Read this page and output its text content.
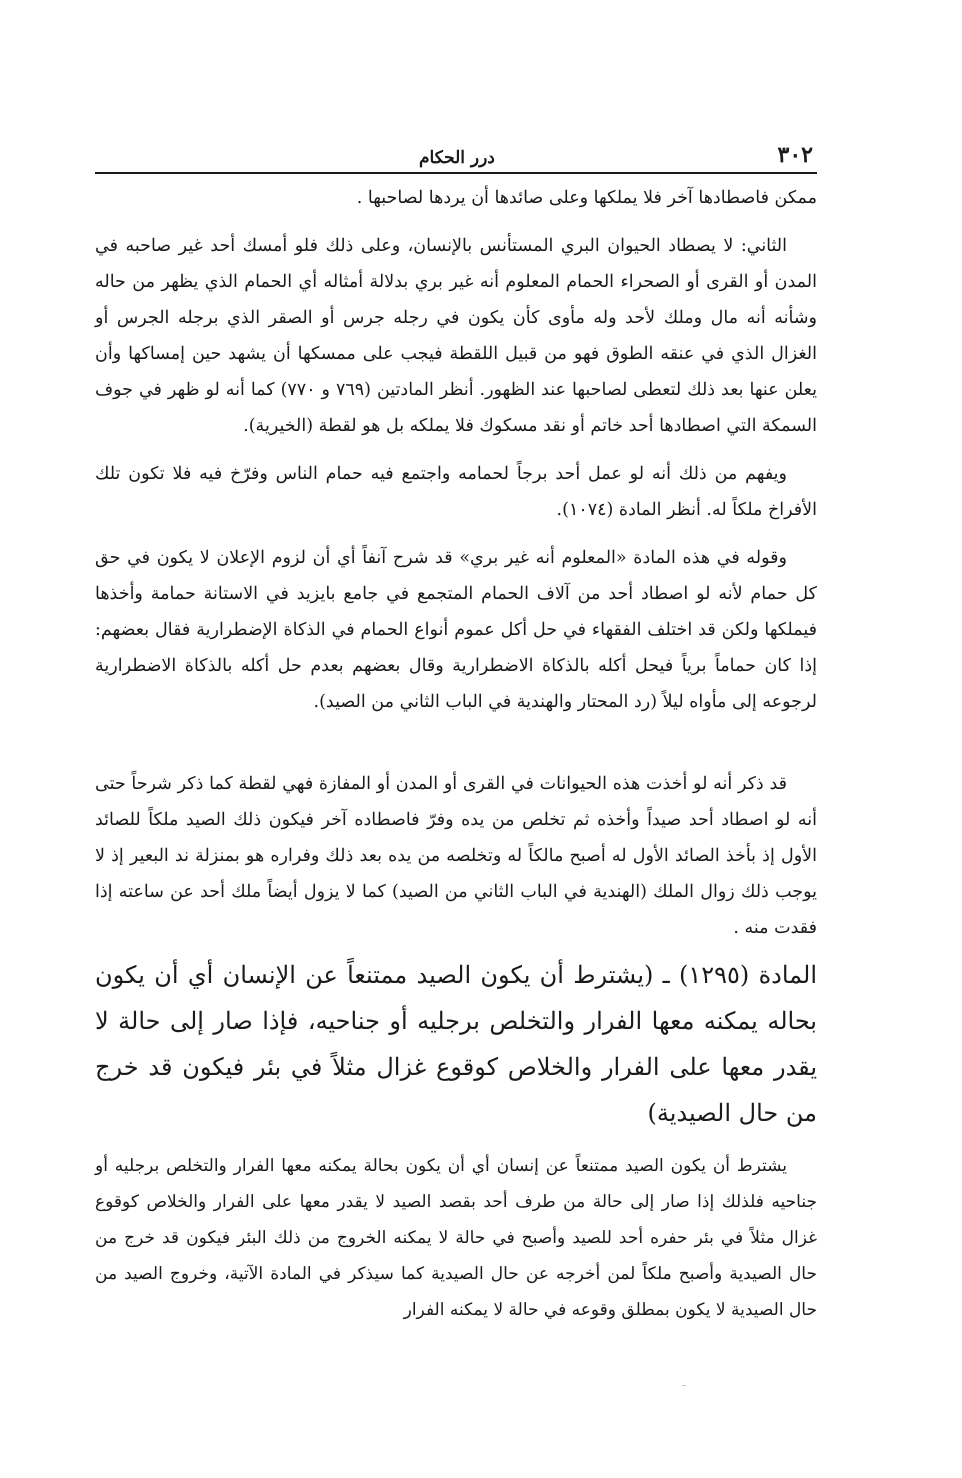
٣٠٢
درر الحكام

ممكن فاصطادها آخر فلا يملكها وعلى صائدها أن يردها لصاحبها .

الثاني: لا يصطاد الحيوان البري المستأنس بالإنسان، وعلى ذلك فلو أمسك أحد غير صاحبه في المدن أو القرى أو الصحراء الحمام المعلوم أنه غير بري بدلالة أمثاله أي الحمام الذي يظهر من حاله وشأنه أنه مال وملك لأحد وله مأوى كأن يكون في رجله جرس أو الصقر الذي برجله الجرس أو الغزال الذي في عنقه الطوق فهو من قبيل اللقطة فيجب على ممسكها أن يشهد حين إمساكها وأن يعلن عنها بعد ذلك لتعطى لصاحبها عند الظهور. أنظر المادتين (٧٦٩ و ٧٧٠) كما أنه لو ظهر في جوف السمكة التي اصطادها أحد خاتم أو نقد مسكوك فلا يملكه بل هو لقطة (الخيرية).

ويفهم من ذلك أنه لو عمل أحد برجاً لحمامه واجتمع فيه حمام الناس وفرّخ فيه فلا تكون تلك الأفراخ ملكاً له. أنظر المادة (١٠٧٤).

وقوله في هذه المادة «المعلوم أنه غير بري» قد شرح آنفاً أي أن لزوم الإعلان لا يكون في حق كل حمام لأنه لو اصطاد أحد من آلاف الحمام المتجمع في جامع بايزيد في الاستانة حمامة وأخذها فيملكها ولكن قد اختلف الفقهاء في حل أكل عموم أنواع الحمام في الذكاة الإضطرارية فقال بعضهم: إذا كان حماماً برياً فيحل أكله بالذكاة الاضطرارية وقال بعضهم بعدم حل أكله بالذكاة الاضطرارية لرجوعه إلى مأواه ليلاً (رد المحتار والهندية في الباب الثاني من الصيد).

قد ذكر أنه لو أخذت هذه الحيوانات في القرى أو المدن أو المفازة فهي لقطة كما ذكر شرحاً حتى أنه لو اصطاد أحد صيداً وأخذه ثم تخلص من يده وفرّ فاصطاده آخر فيكون ذلك الصيد ملكاً للصائد الأول إذ بأخذ الصائد الأول له أصبح مالكاً له وتخلصه من يده بعد ذلك وفراره هو بمنزلة ند البعير إذ لا يوجب ذلك زوال الملك (الهندية في الباب الثاني من الصيد) كما لا يزول أيضاً ملك أحد عن ساعته إذا فقدت منه .

المادة (١٢٩٥) ـ (يشترط أن يكون الصيد ممتنعاً عن الإنسان أي أن يكون بحاله يمكنه معها الفرار والتخلص برجليه أو جناحيه، فإذا صار إلى حالة لا يقدر معها على الفرار والخلاص كوقوع غزال مثلاً في بئر فيكون قد خرج من حال الصيدية)

يشترط أن يكون الصيد ممتنعاً عن إنسان أي أن يكون بحالة يمكنه معها الفرار والتخلص برجليه أو جناحيه فلذلك إذا صار إلى حالة من طرف أحد بقصد الصيد لا يقدر معها على الفرار والخلاص كوقوع غزال مثلاً في بئر حفره أحد للصيد وأصبح في حالة لا يمكنه الخروج من ذلك البئر فيكون قد خرج من حال الصيدية وأصبح ملكاً لمن أخرجه عن حال الصيدية كما سيذكر في المادة الآتية، وخروج الصيد من حال الصيدية لا يكون بمطلق وقوعه في حالة لا يمكنه الفرار
